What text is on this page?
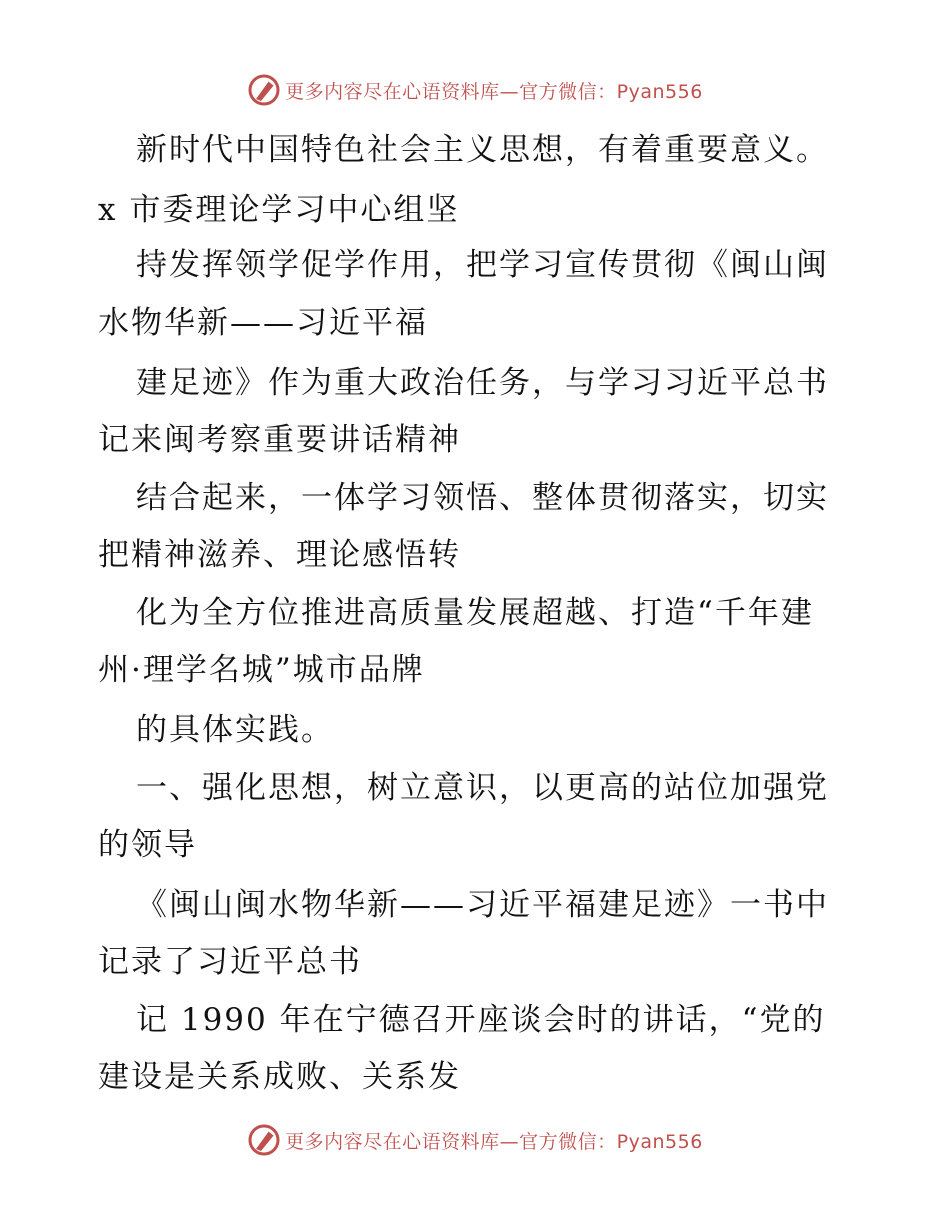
更多内容尽在心语资料库—官方微信：Pyan556
新时代中国特色社会主义思想，有着重要意义。
x 市委理论学习中心组坚
持发挥领学促学作用，把学习宣传贯彻《闽山闽
水物华新——习近平福
建足迹》作为重大政治任务，与学习习近平总书
记来闽考察重要讲话精神
结合起来，一体学习领悟、整体贯彻落实，切实
把精神滋养、理论感悟转
化为全方位推进高质量发展超越、打造“千年建
州·理学名城”城市品牌
的具体实践。
一、强化思想，树立意识，以更高的站位加强党
的领导
《闽山闽水物华新——习近平福建足迹》一书中
记录了习近平总书
记 1990 年在宁德召开座谈会时的讲话，“党的
建设是关系成败、关系发
更多内容尽在心语资料库—官方微信：Pyan556
